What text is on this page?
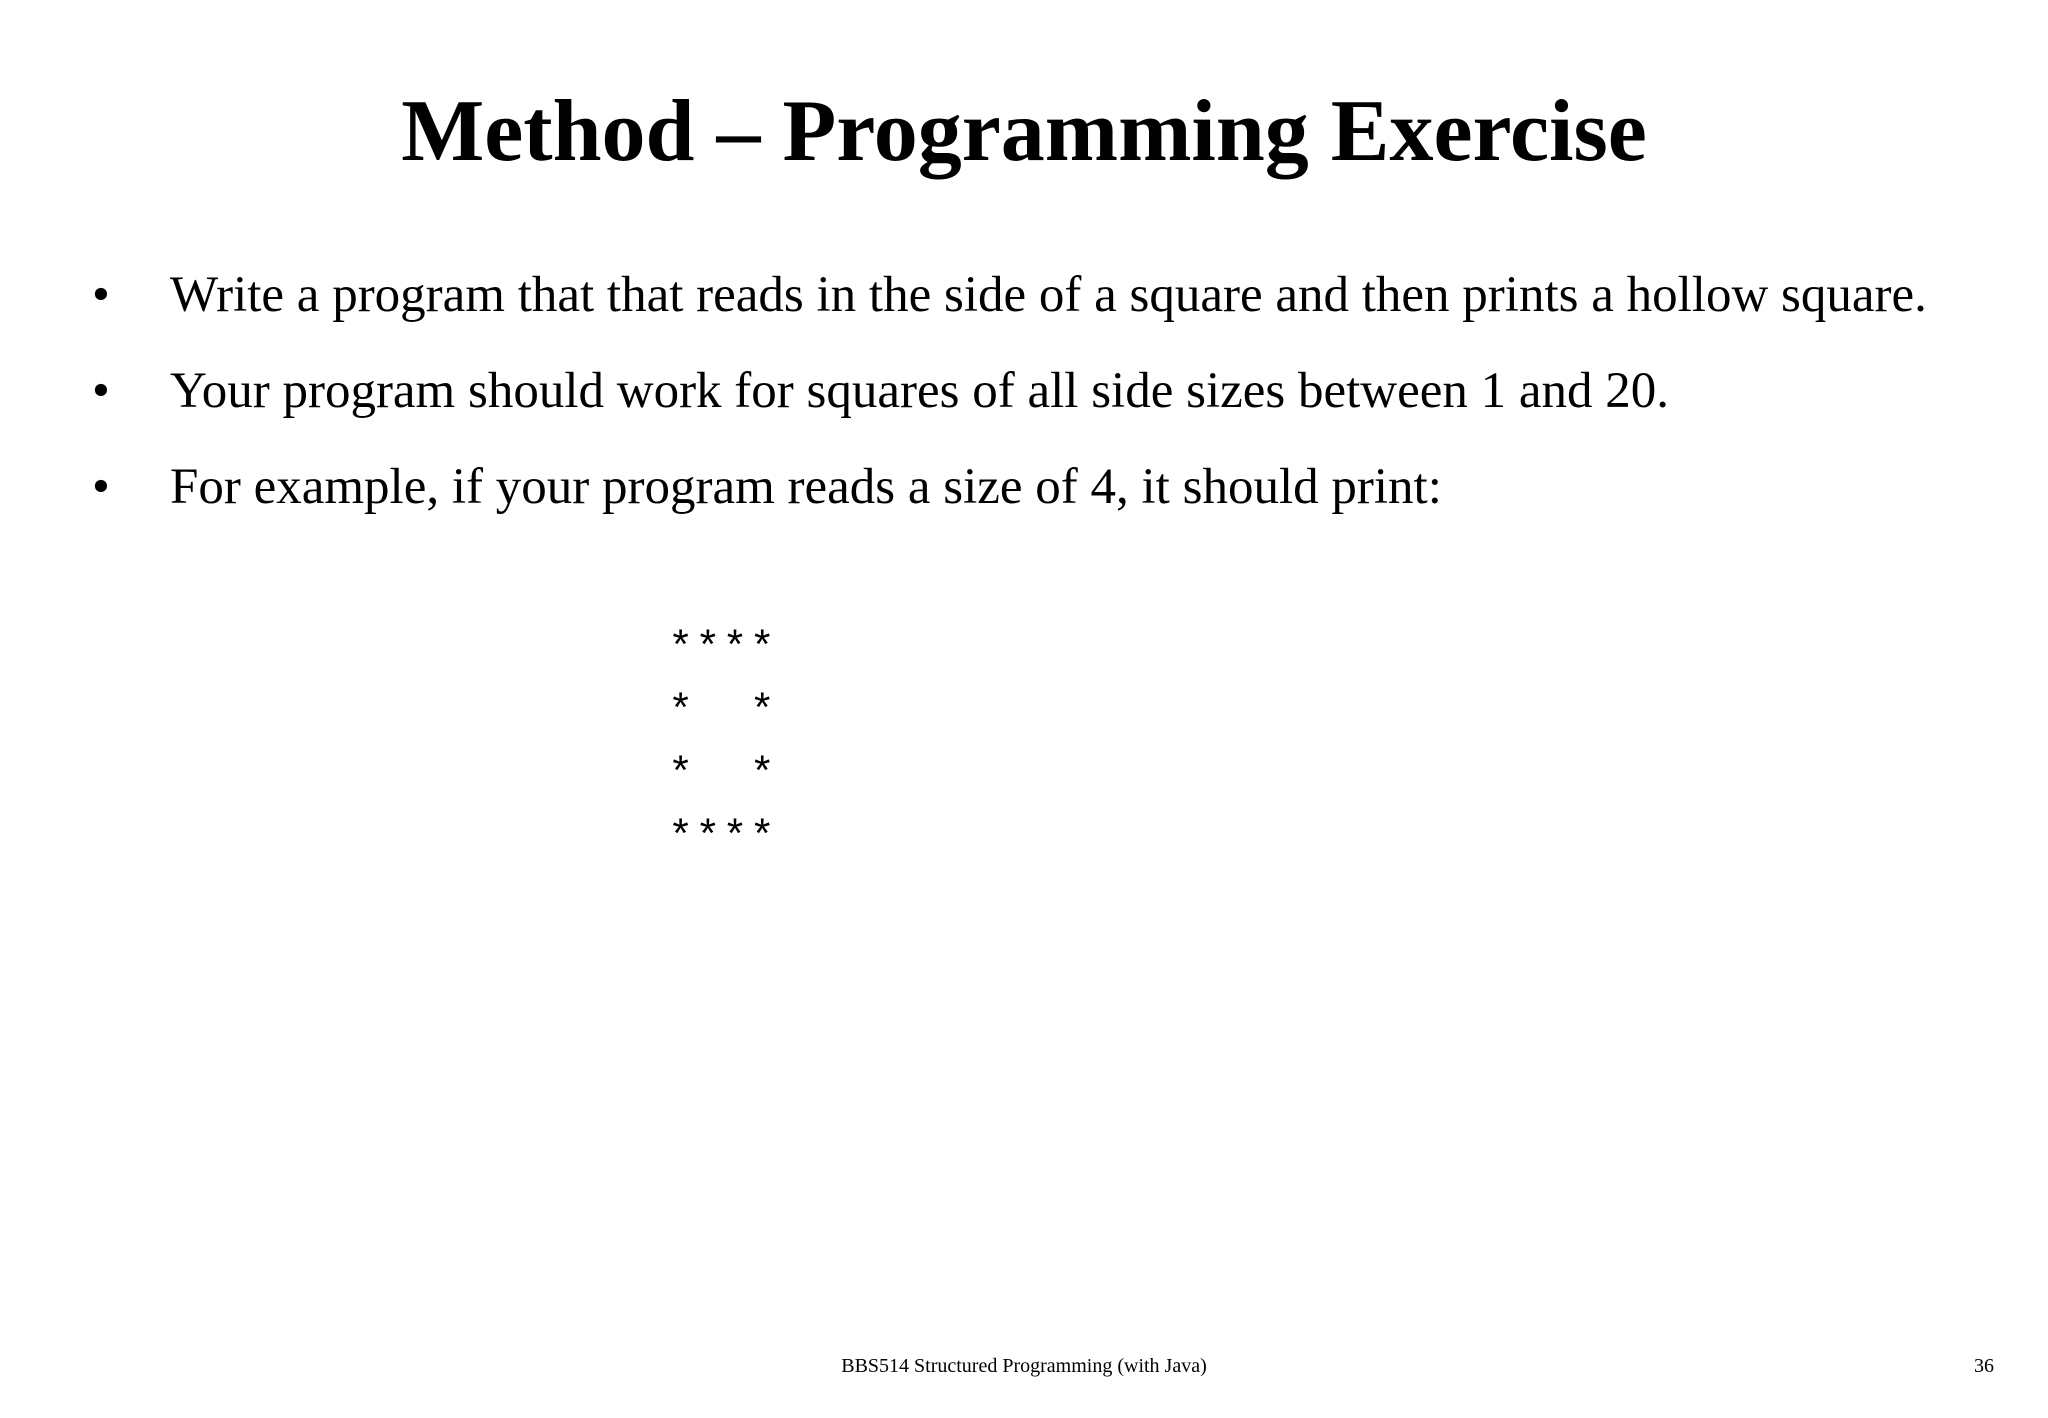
Method – Programming Exercise
•	Write a program that that reads in the side of a square and then prints a hollow square.
•	Your program should work for squares of all side sizes between 1 and 20.
•	For example, if your program reads a size of 4, it should print:
****
*  *
*  *
****
BBS514 Structured Programming (with Java)	36
